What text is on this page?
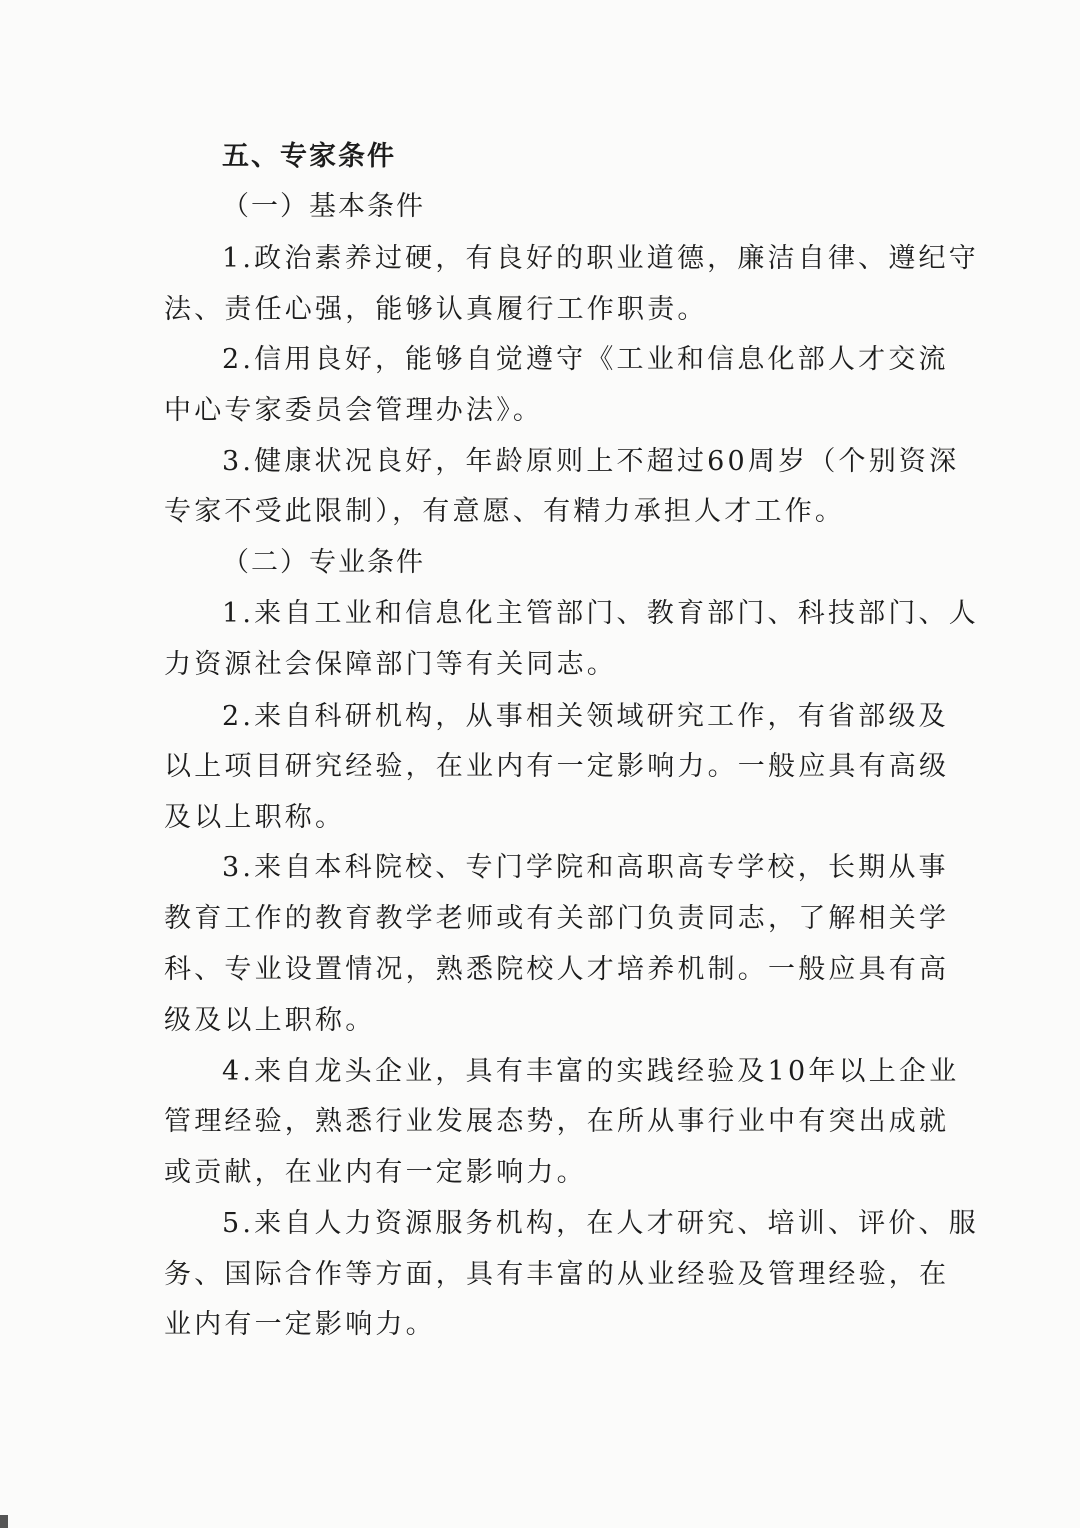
五、专家条件
（一）基本条件
1.政治素养过硬，有良好的职业道德，廉洁自律、遵纪守
法、责任心强，能够认真履行工作职责。
2.信用良好，能够自觉遵守《工业和信息化部人才交流
中心专家委员会管理办法》。
3.健康状况良好，年龄原则上不超过60周岁（个别资深
专家不受此限制），有意愿、有精力承担人才工作。
（二）专业条件
1.来自工业和信息化主管部门、教育部门、科技部门、人
力资源社会保障部门等有关同志。
2.来自科研机构，从事相关领域研究工作，有省部级及
以上项目研究经验，在业内有一定影响力。一般应具有高级
及以上职称。
3.来自本科院校、专门学院和高职高专学校，长期从事
教育工作的教育教学老师或有关部门负责同志，了解相关学
科、专业设置情况，熟悉院校人才培养机制。一般应具有高
级及以上职称。
4.来自龙头企业，具有丰富的实践经验及10年以上企业
管理经验，熟悉行业发展态势，在所从事行业中有突出成就
或贡献，在业内有一定影响力。
5.来自人力资源服务机构，在人才研究、培训、评价、服
务、国际合作等方面，具有丰富的从业经验及管理经验，在
业内有一定影响力。
